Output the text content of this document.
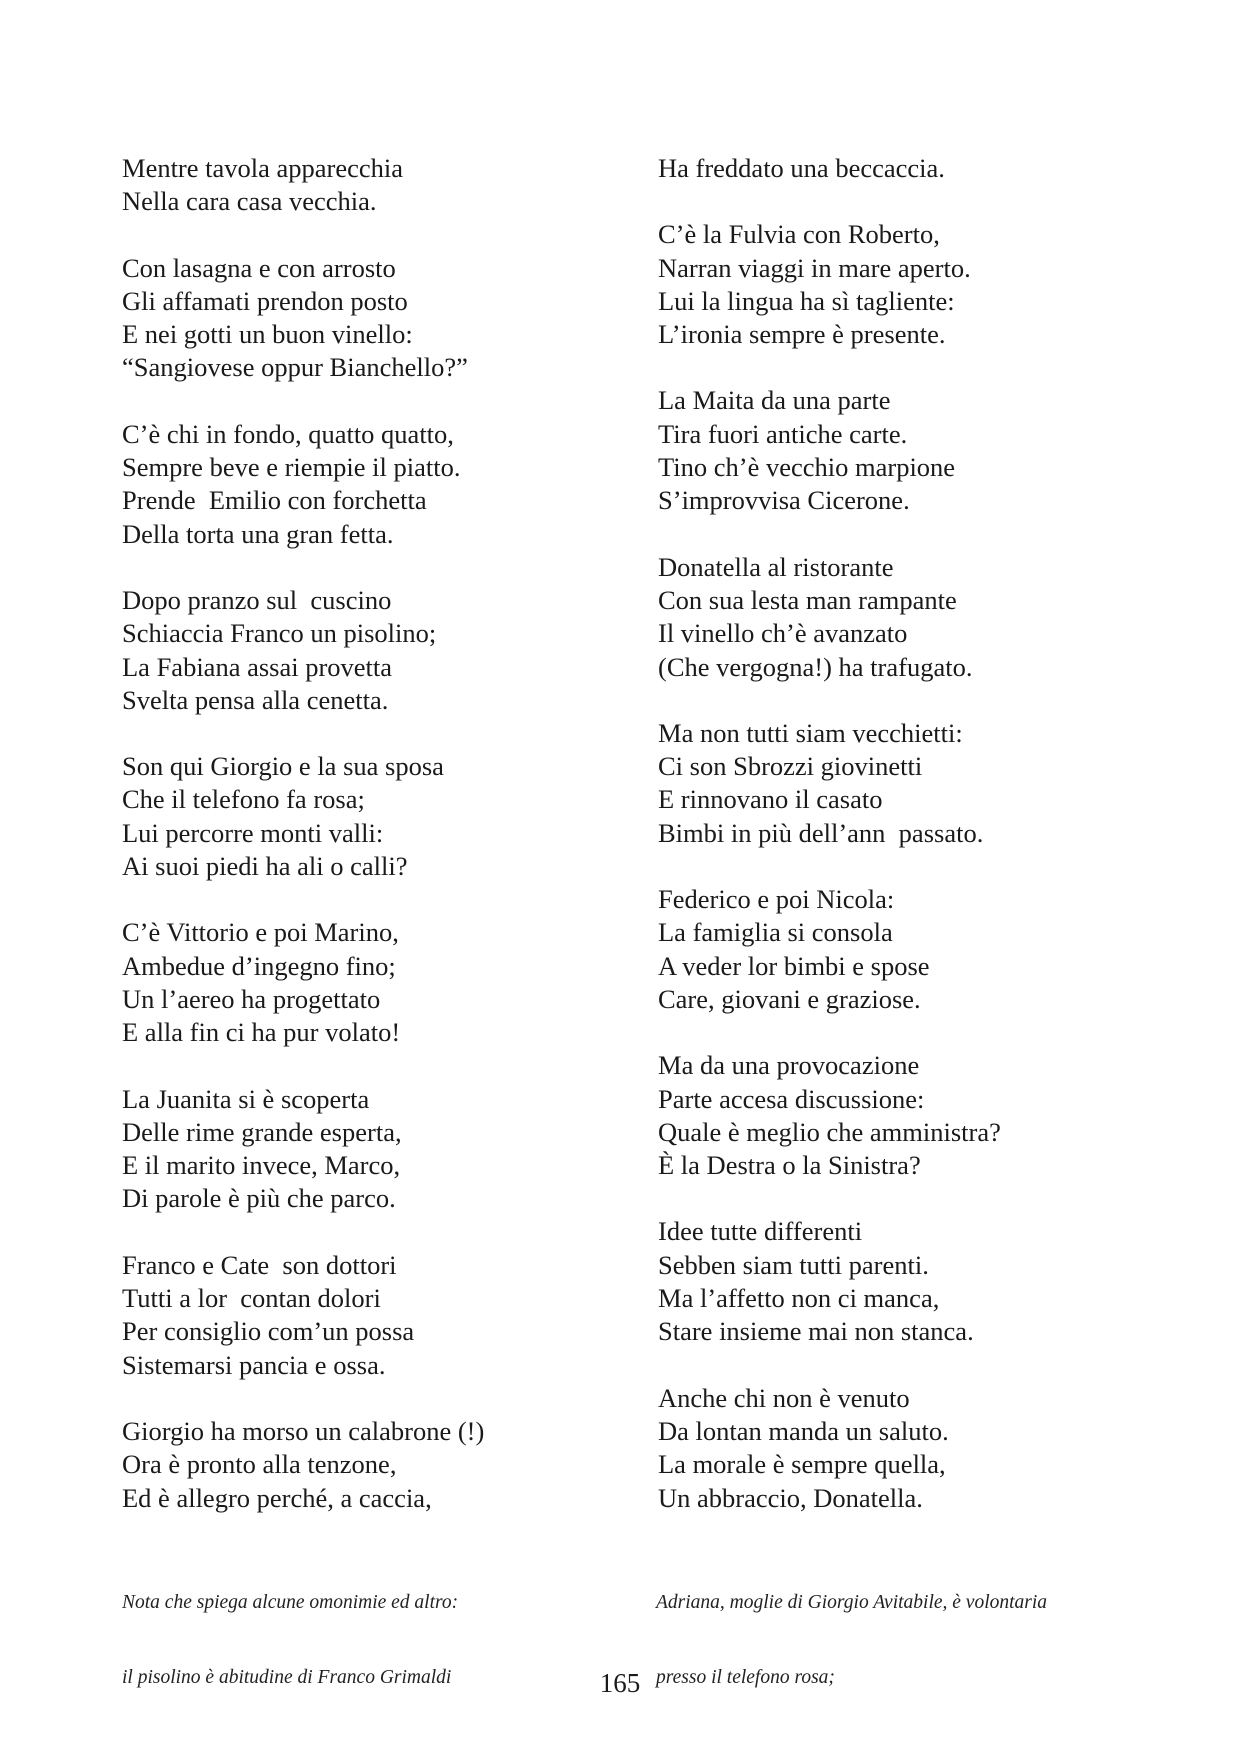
Mentre tavola apparecchia
Nella cara casa vecchia.
Con lasagna e con arrosto
Gli affamati prendon posto
E nei gotti un buon vinello:
“Sangiovese oppur Bianchello?”
C’è chi in fondo, quatto quatto,
Sempre beve e riempie il piatto.
Prende  Emilio con forchetta
Della torta una gran fetta.
Dopo pranzo sul  cuscino
Schiaccia Franco un pisolino;
La Fabiana assai provetta
Svelta pensa alla cenetta.
Son qui Giorgio e la sua sposa
Che il telefono fa rosa;
Lui percorre monti valli:
Ai suoi piedi ha ali o calli?
C’è Vittorio e poi Marino,
Ambedue d’ingegno fino;
Un l’aereo ha progettato
E alla fin ci ha pur volato!
La Juanita si è scoperta
Delle rime grande esperta,
E il marito invece, Marco,
Di parole è più che parco.
Franco e Cate  son dottori
Tutti a lor  contan dolori
Per consiglio com’un possa
Sistemarsi pancia e ossa.
Giorgio ha morso un calabrone (!)
Ora è pronto alla tenzone,
Ed è allegro perché, a caccia,
Ha freddato una beccaccia.
C’è la Fulvia con Roberto,
Narran viaggi in mare aperto.
Lui la lingua ha sì tagliente:
L’ironia sempre è presente.
La Maita da una parte
Tira fuori antiche carte.
Tino ch’è vecchio marpione
S’improvvisa Cicerone.
Donatella al ristorante
Con sua lesta man rampante
Il vinello ch’è avanzato
(Che vergogna!) ha trafugato.
Ma non tutti siam vecchietti:
Ci son Sbrozzi giovinetti
E rinnovano il casato
Bimbi in più dell’ann  passato.
Federico e poi Nicola:
La famiglia si consola
A veder lor bimbi e spose
Care, giovani e graziose.
Ma da una provocazione
Parte accesa discussione:
Quale è meglio che amministra?
È la Destra o la Sinistra?
Idee tutte differenti
Sebben siam tutti parenti.
Ma l’affetto non ci manca,
Stare insieme mai non stanca.
Anche chi non è venuto
Da lontan manda un saluto.
La morale è sempre quella,
Un abbraccio, Donatella.

Nota che spiega alcune omonimie ed altro:

il pisolino è abitudine di Franco Grimaldi

Adriana, moglie di Giorgio Avitabile, è volontaria

presso il telefono rosa;

165
